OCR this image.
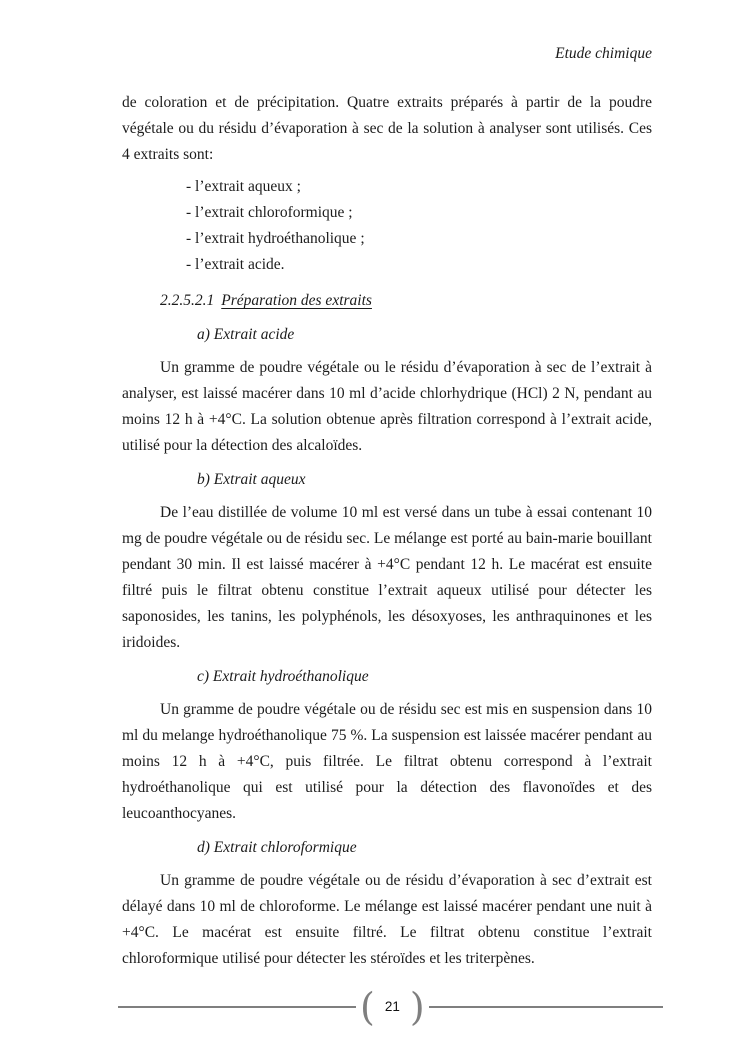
Etude chimique

de coloration et de précipitation. Quatre extraits préparés à partir de la poudre végétale ou du résidu d’évaporation à sec de la solution à analyser sont utilisés. Ces 4 extraits sont:

- l’extrait aqueux ;
- l’extrait chloroformique ;
- l’extrait hydroéthanolique ;
- l’extrait acide.
2.2.5.2.1 Préparation des extraits
a) Extrait acide

Un gramme de poudre végétale ou le résidu d’évaporation à sec de l’extrait à analyser, est laissé macérer dans 10 ml d’acide chlorhydrique (HCl) 2 N, pendant au moins 12 h à +4°C. La solution obtenue après filtration correspond à l’extrait acide, utilisé pour la détection des alcaloïdes.

b) Extrait aqueux

De l’eau distillée de volume 10 ml est versé dans un tube à essai contenant 10 mg de poudre végétale ou de résidu sec. Le mélange est porté au bain-marie bouillant pendant 30 min. Il est laissé macérer à +4°C pendant 12 h. Le macérat est ensuite filtré puis le filtrat obtenu constitue l’extrait aqueux utilisé pour détecter les saponosides, les tanins, les polyphénols, les désoxyoses, les anthraquinones et les iridoides.

c) Extrait hydroéthanolique

Un gramme de poudre végétale ou de résidu sec est mis en suspension dans 10 ml du melange hydroéthanolique 75 %. La suspension est laissée macérer pendant au moins 12 h à +4°C, puis filtrée. Le filtrat obtenu correspond à l’extrait hydroéthanolique qui est utilisé pour la détection des flavonoïdes et des leucoanthocyanes.

d) Extrait chloroformique

Un gramme de poudre végétale ou de résidu d’évaporation à sec d’extrait est délayé dans 10 ml de chloroforme. Le mélange est laissé macérer pendant une nuit à +4°C. Le macérat est ensuite filtré. Le filtrat obtenu constitue l’extrait chloroformique utilisé pour détecter les stéroïdes et les triterpènes.

( 21 )
